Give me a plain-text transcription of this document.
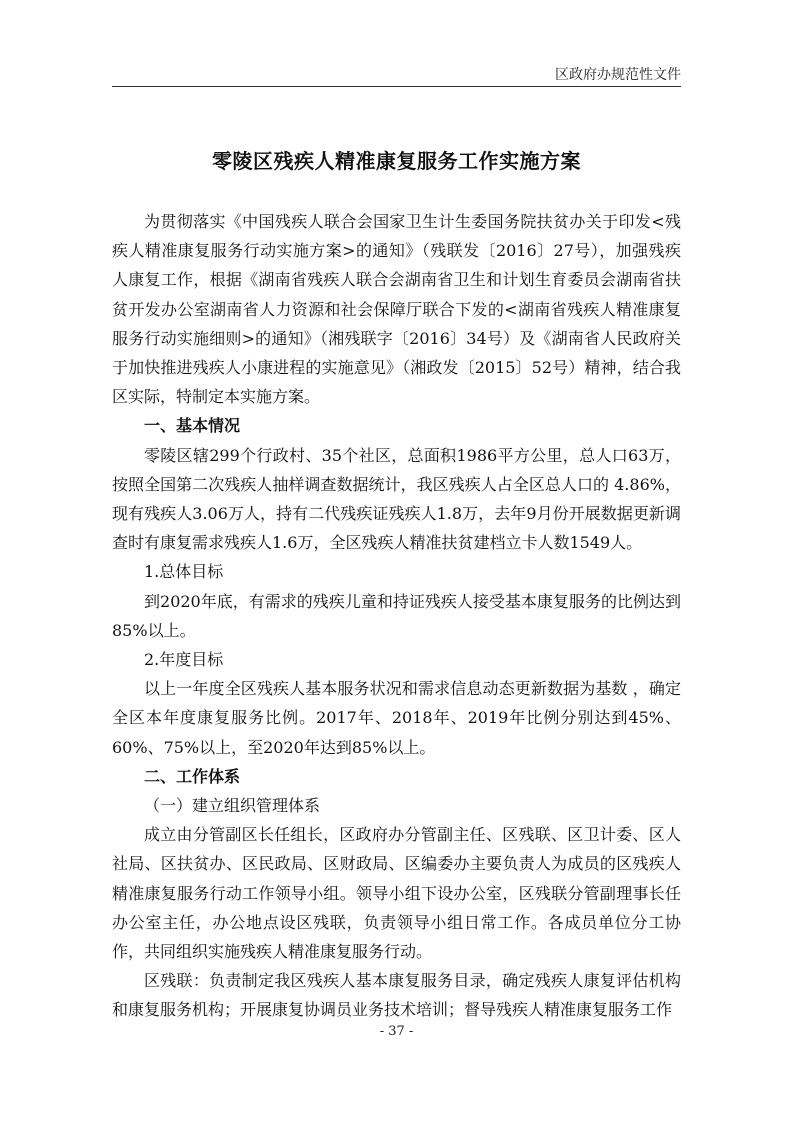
区政府办规范性文件
零陵区残疾人精准康复服务工作实施方案

为贯彻落实《中国残疾人联合会国家卫生计生委国务院扶贫办关于印发<残疾人精准康复服务行动实施方案>的通知》（残联发〔2016〕27号），加强残疾人康复工作，根据《湖南省残疾人联合会湖南省卫生和计划生育委员会湖南省扶贫开发办公室湖南省人力资源和社会保障厅联合下发的<湖南省残疾人精准康复服务行动实施细则>的通知》（湘残联字〔2016〕34号）及《湖南省人民政府关于加快推进残疾人小康进程的实施意见》（湘政发〔2015〕52号）精神，结合我区实际，特制定本实施方案。

一、基本情况

零陵区辖299个行政村、35个社区，总面积1986平方公里，总人口63万，按照全国第二次残疾人抽样调查数据统计，我区残疾人占全区总人口的 4.86%，现有残疾人3.06万人，持有二代残疾证残疾人1.8万，去年9月份开展数据更新调查时有康复需求残疾人1.6万，全区残疾人精准扶贫建档立卡人数1549人。

1.总体目标

到2020年底，有需求的残疾儿童和持证残疾人接受基本康复服务的比例达到85%以上。

2.年度目标

以上一年度全区残疾人基本服务状况和需求信息动态更新数据为基数 ，确定全区本年度康复服务比例。2017年、2018年、2019年比例分别达到45%、60%、75%以上，至2020年达到85%以上。

二、工作体系

（一）建立组织管理体系

成立由分管副区长任组长，区政府办分管副主任、区残联、区卫计委、区人社局、区扶贫办、区民政局、区财政局、区编委办主要负责人为成员的区残疾人精准康复服务行动工作领导小组。领导小组下设办公室，区残联分管副理事长任办公室主任，办公地点设区残联，负责领导小组日常工作。各成员单位分工协作，共同组织实施残疾人精准康复服务行动。

区残联：负责制定我区残疾人基本康复服务目录，确定残疾人康复评估机构和康复服务机构；开展康复协调员业务技术培训；督导残疾人精准康复服务工作

- 37 -
